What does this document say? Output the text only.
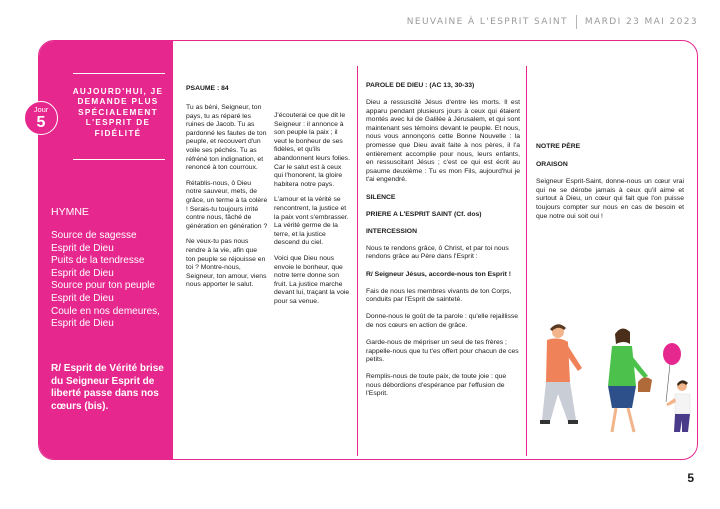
NEUVAINE À L'ESPRIT SAINT MARDI 23 MAI 2023
AUJOURD'HUI, JE DEMANDE PLUS SPÉCIALEMENT L'ESPRIT DE FIDÉLITÉ
HYMNE
Source de sagesse
Esprit de Dieu
Puits de la tendresse
Esprit de Dieu
Source pour ton peuple
Esprit de Dieu
Coule en nos demeures,
Esprit de Dieu
R/ Esprit de Vérité brise du Seigneur Esprit de liberté passe dans nos cœurs (bis).
Jour
5
PSAUME : 84
Tu as béni, Seigneur, ton pays, tu as réparé les ruines de Jacob. Tu as pardonné les fautes de ton peuple, et recouvert d'un voile ses péchés. Tu as réfréné ton indignation, et renoncé à ton courroux.
Rétablis-nous, ô Dieu notre sauveur, mets, de grâce, un terme à ta colère ! Serais-tu toujours irrité contre nous, fâché de génération en génération ?
Ne veux-tu pas nous rendre à la vie, afin que ton peuple se réjouisse en toi ? Montre-nous, Seigneur, ton amour, viens nous apporter le salut.
J'écouterai ce que dit le Seigneur : il annonce à son peuple la paix ; il veut le bonheur de ses fidèles, et qu'ils abandonnent leurs folies. Car le salut est à ceux qui l'honorent, la gloire habitera notre pays.
L'amour et la vérité se rencontrent, la justice et la paix vont s'embrasser. La vérité germe de la terre, et la justice descend du ciel.
Voici que Dieu nous envoie le bonheur, que notre terre donne son fruit. La justice marche devant lui, traçant la voie pour sa venue.
PAROLE DE DIEU : (AC 13, 30-33)
Dieu a ressuscité Jésus d'entre les morts. Il est apparu pendant plusieurs jours à ceux qui étaient montés avec lui de Galilée à Jérusalem, et qui sont maintenant ses témoins devant le peuple. Et nous, nous vous annonçons cette Bonne Nouvelle : la promesse que Dieu avait faite à nos pères, il l'a entièrement accomplie pour nous, leurs enfants, en ressuscitant Jésus ; c'est ce qui est écrit au psaume deuxième : Tu es mon Fils, aujourd'hui je t'ai engendré.
SILENCE
PRIERE A L'ESPRIT SAINT (Cf. dos)
INTERCESSION
Nous te rendons grâce, ô Christ, et par toi nous rendons grâce au Père dans l'Esprit :
R/ Seigneur Jésus, accorde-nous ton Esprit !
Fais de nous les membres vivants de ton Corps, conduits par l'Esprit de sainteté.
Donne-nous le goût de ta parole : qu'elle rejaillisse de nos cœurs en action de grâce.
Garde-nous de mépriser un seul de tes frères ; rappelle-nous que tu t'es offert pour chacun de ces petits.
Remplis-nous de toute paix, de toute joie : que nous débordions d'espérance par l'effusion de l'Esprit.
NOTRE PÈRE
ORAISON
Seigneur Esprit-Saint, donne-nous un cœur vrai qui ne se dérobe jamais à ceux qu'il aime et surtout à Dieu, un cœur qui fait que l'on puisse toujours compter sur nous en cas de besoin et que notre oui soit oui !
5
